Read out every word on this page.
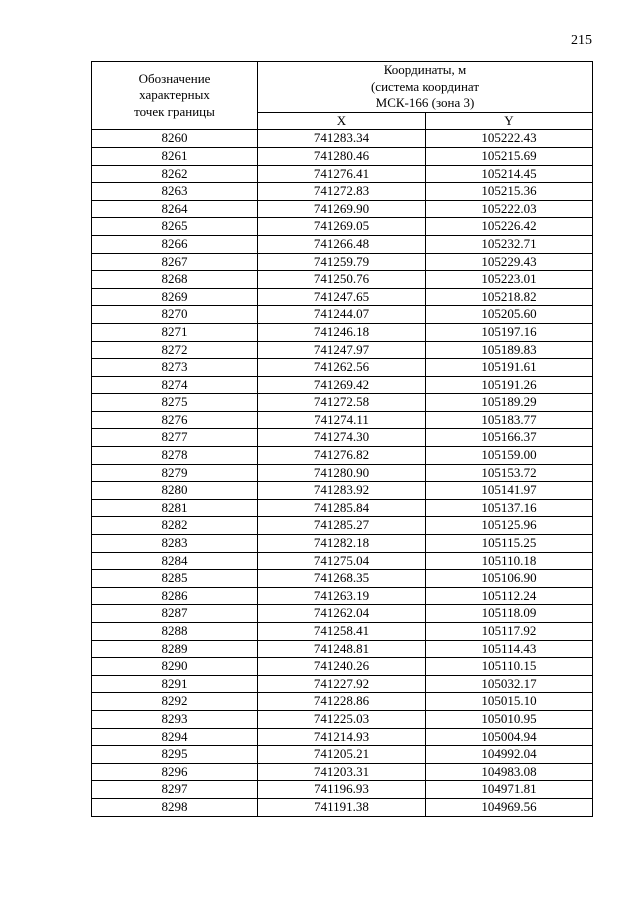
215
Обозначение
характерных
точек границы	Координаты, м
(система координат
МСК-166 (зона 3)	

	X	Y
8260	741283.34	105222.43
8261	741280.46	105215.69
8262	741276.41	105214.45
8263	741272.83	105215.36
8264	741269.90	105222.03
8265	741269.05	105226.42
8266	741266.48	105232.71
8267	741259.79	105229.43
8268	741250.76	105223.01
8269	741247.65	105218.82
8270	741244.07	105205.60
8271	741246.18	105197.16
8272	741247.97	105189.83
8273	741262.56	105191.61
8274	741269.42	105191.26
8275	741272.58	105189.29
8276	741274.11	105183.77
8277	741274.30	105166.37
8278	741276.82	105159.00
8279	741280.90	105153.72
8280	741283.92	105141.97
8281	741285.84	105137.16
8282	741285.27	105125.96
8283	741282.18	105115.25
8284	741275.04	105110.18
8285	741268.35	105106.90
8286	741263.19	105112.24
8287	741262.04	105118.09
8288	741258.41	105117.92
8289	741248.81	105114.43
8290	741240.26	105110.15
8291	741227.92	105032.17
8292	741228.86	105015.10
8293	741225.03	105010.95
8294	741214.93	105004.94
8295	741205.21	104992.04
8296	741203.31	104983.08
8297	741196.93	104971.81
8298	741191.38	104969.56
